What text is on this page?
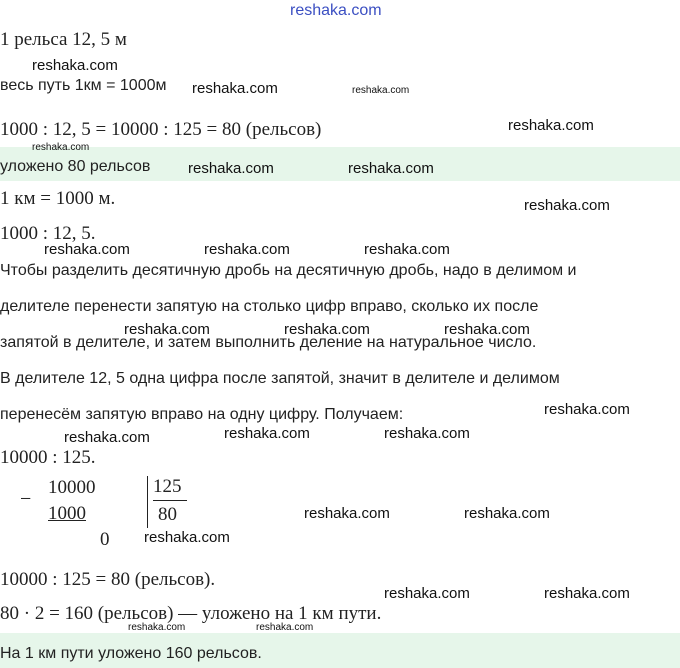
reshaka.com
1 рельса 12, 5 м
весь путь 1км = 1000м
1000 : 12, 5 = 10000 : 125 = 80 (рельсов)
уложено 80 рельсов
1 км = 1000 м.
1000 : 12, 5.
Чтобы разделить десятичную дробь на десятичную дробь, надо в делимом и
делителе перенести запятую на столько цифр вправо, сколько их после
запятой в делителе, и затем выполнить деление на натуральное число.
В делителе 12, 5 одна цифра после запятой, значит в делителе и делимом
перенесём запятую вправо на одну цифру. Получаем:
10000 : 125.
−
10000
1000
0
125
80
10000 : 125 = 80 (рельсов).
80 · 2 = 160 (рельсов) — уложено на 1 км пути.
На 1 км пути уложено 160 рельсов.
reshaka.com
reshaka.com	reshaka.com
reshaka.com
reshaka.com
reshaka.com	reshaka.com
reshaka.com
reshaka.com	reshaka.com	reshaka.com
reshaka.com	reshaka.com	reshaka.com
reshaka.com
reshaka.com	reshaka.com	reshaka.com
reshaka.com	reshaka.com
reshaka.com
reshaka.com	reshaka.com
reshaka.com	reshaka.com
